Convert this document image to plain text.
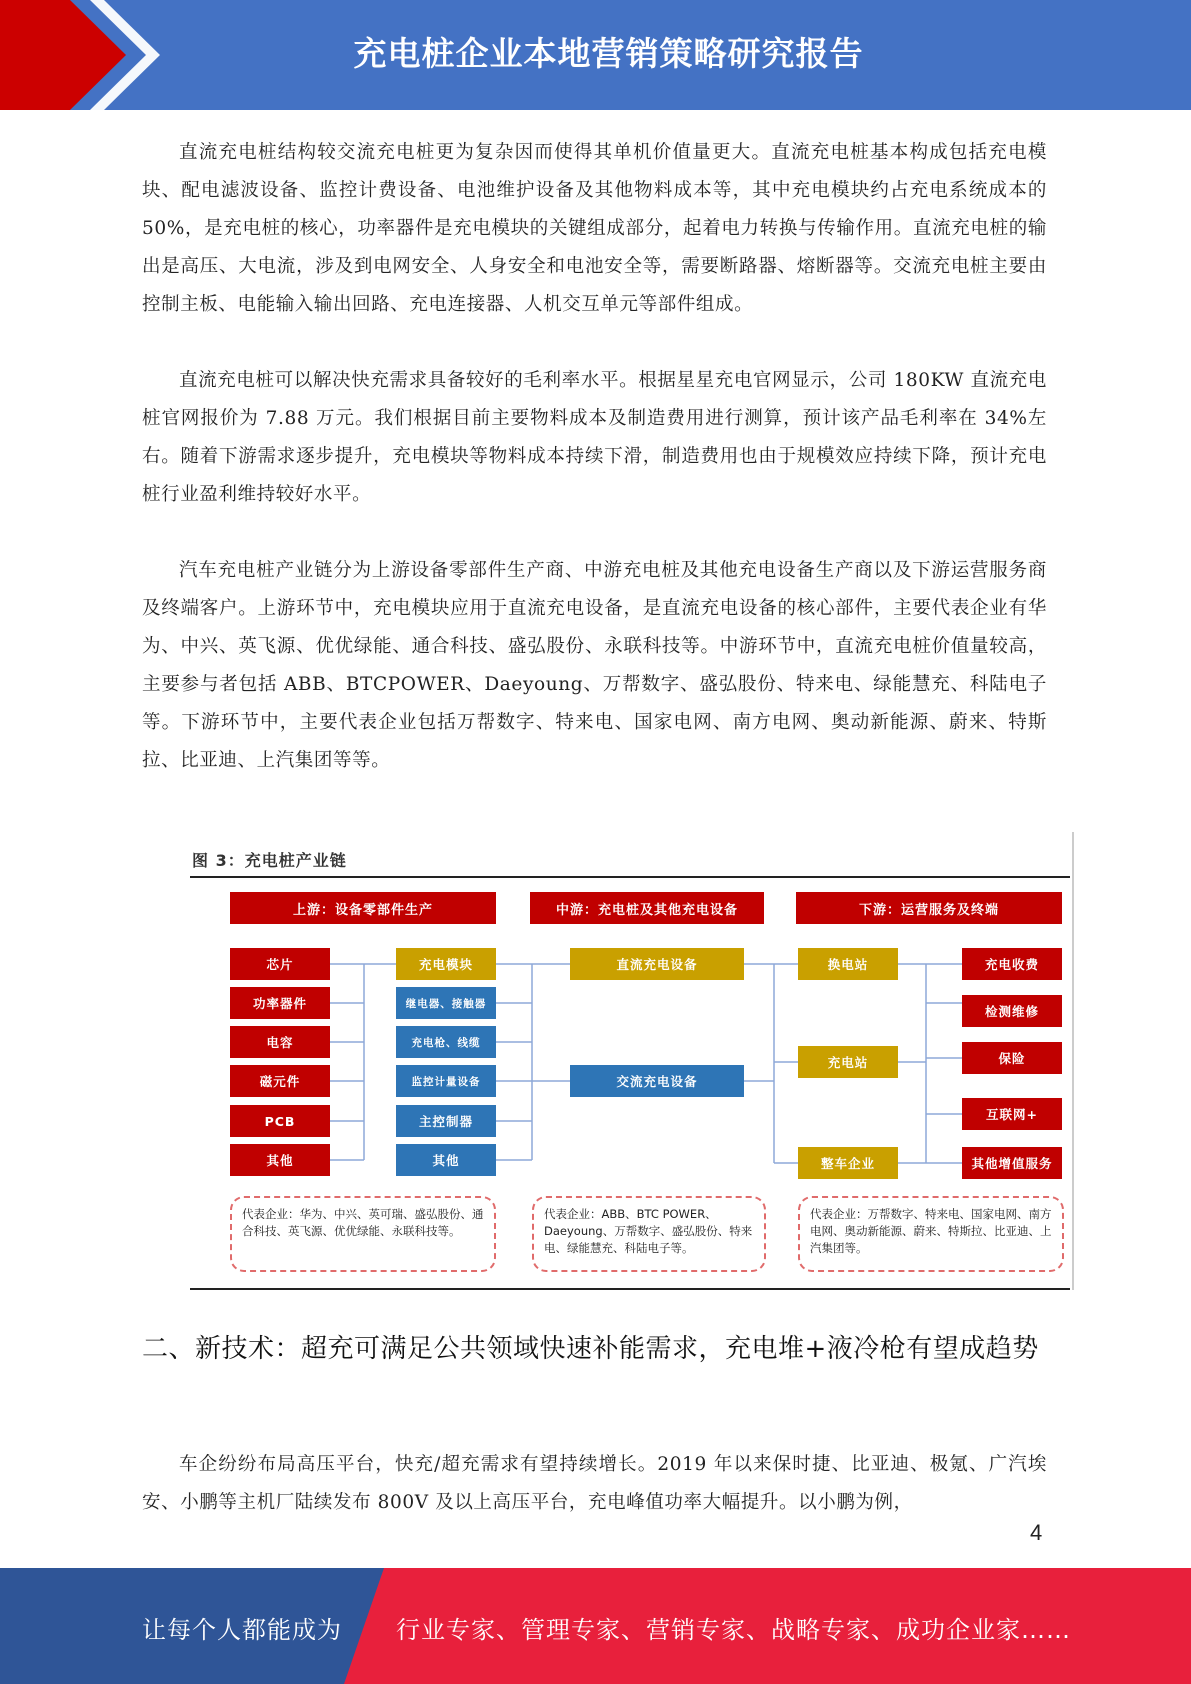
充电桩企业本地营销策略研究报告

直流充电桩结构较交流充电桩更为复杂因而使得其单机价值量更大。直流充电桩基本构成包括充电模块、配电滤波设备、监控计费设备、电池维护设备及其他物料成本等，其中充电模块约占充电系统成本的 50%，是充电桩的核心，功率器件是充电模块的关键组成部分，起着电力转换与传输作用。直流充电桩的输出是高压、大电流，涉及到电网安全、人身安全和电池安全等，需要断路器、熔断器等。交流充电桩主要由控制主板、电能输入输出回路、充电连接器、人机交互单元等部件组成。

直流充电桩可以解决快充需求具备较好的毛利率水平。根据星星充电官网显示，公司 180KW 直流充电桩官网报价为 7.88 万元。我们根据目前主要物料成本及制造费用进行测算，预计该产品毛利率在 34%左右。随着下游需求逐步提升，充电模块等物料成本持续下滑，制造费用也由于规模效应持续下降，预计充电桩行业盈利维持较好水平。

汽车充电桩产业链分为上游设备零部件生产商、中游充电桩及其他充电设备生产商以及下游运营服务商及终端客户。上游环节中，充电模块应用于直流充电设备，是直流充电设备的核心部件，主要代表企业有华为、中兴、英飞源、优优绿能、通合科技、盛弘股份、永联科技等。中游环节中，直流充电桩价值量较高，主要参与者包括 ABB、BTCPOWER、Daeyoung、万帮数字、盛弘股份、特来电、绿能慧充、科陆电子等。下游环节中，主要代表企业包括万帮数字、特来电、国家电网、南方电网、奥动新能源、蔚来、特斯拉、比亚迪、上汽集团等等。

图 3：充电桩产业链
上游：设备零部件生产	中游：充电桩及其他充电设备	下游：运营服务及终端
芯片
功率器件
电容
磁元件
PCB
其他
充电模块
继电器、接触器
充电枪、线缆
监控计量设备
主控制器
其他
直流充电设备
交流充电设备
换电站
充电站
整车企业
充电收费
检测维修
保险
互联网+
其他增值服务
代表企业：华为、中兴、英可瑞、盛弘股份、通合科技、英飞源、优优绿能、永联科技等。
代表企业：ABB、BTC POWER、Daeyoung、万帮数字、盛弘股份、特来电、绿能慧充、科陆电子等。
代表企业：万帮数字、特来电、国家电网、南方电网、奥动新能源、蔚来、特斯拉、比亚迪、上汽集团等。
二、新技术：超充可满足公共领域快速补能需求，充电堆+液冷枪有望成趋势

车企纷纷布局高压平台，快充/超充需求有望持续增长。2019 年以来保时捷、比亚迪、极氪、广汽埃安、小鹏等主机厂陆续发布 800V 及以上高压平台，充电峰值功率大幅提升。以小鹏为例，

4
让每个人都能成为 行业专家、管理专家、营销专家、战略专家、成功企业家……
